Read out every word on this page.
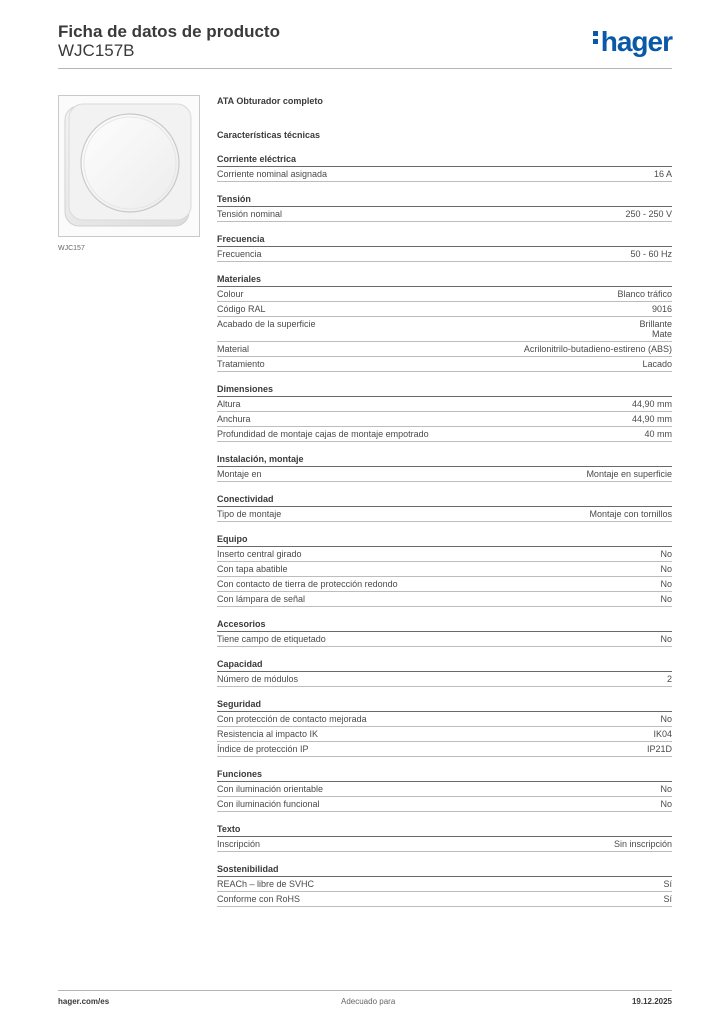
Ficha de datos de producto
WJC157B	hager
WJC157
ATA Obturador completo
Características técnicas
Corriente eléctrica
Corriente nominal asignada	16 A
Tensión
Tensión nominal	250 - 250 V
Frecuencia
Frecuencia	50 - 60 Hz
Materiales
Colour	Blanco tráfico
Código RAL	9016
Acabado de la superficie	Brillante
Mate
Material	Acrilonitrilo-butadieno-estireno (ABS)
Tratamiento	Lacado
Dimensiones
Altura	44,90 mm
Anchura	44,90 mm
Profundidad de montaje cajas de montaje empotrado	40 mm
Instalación, montaje
Montaje en	Montaje en superficie
Conectividad
Tipo de montaje	Montaje con tornillos
Equipo
Inserto central girado	No
Con tapa abatible	No
Con contacto de tierra de protección redondo	No
Con lámpara de señal	No
Accesorios
Tiene campo de etiquetado	No
Capacidad
Número de módulos	2
Seguridad
Con protección de contacto mejorada	No
Resistencia al impacto IK	IK04
Índice de protección IP	IP21D
Funciones
Con iluminación orientable	No
Con iluminación funcional	No
Texto
Inscripción	Sin inscripción
Sostenibilidad
REACh – libre de SVHC	Sí
Conforme con RoHS	Sí
hager.com/es	Adecuado para	19.12.2025
